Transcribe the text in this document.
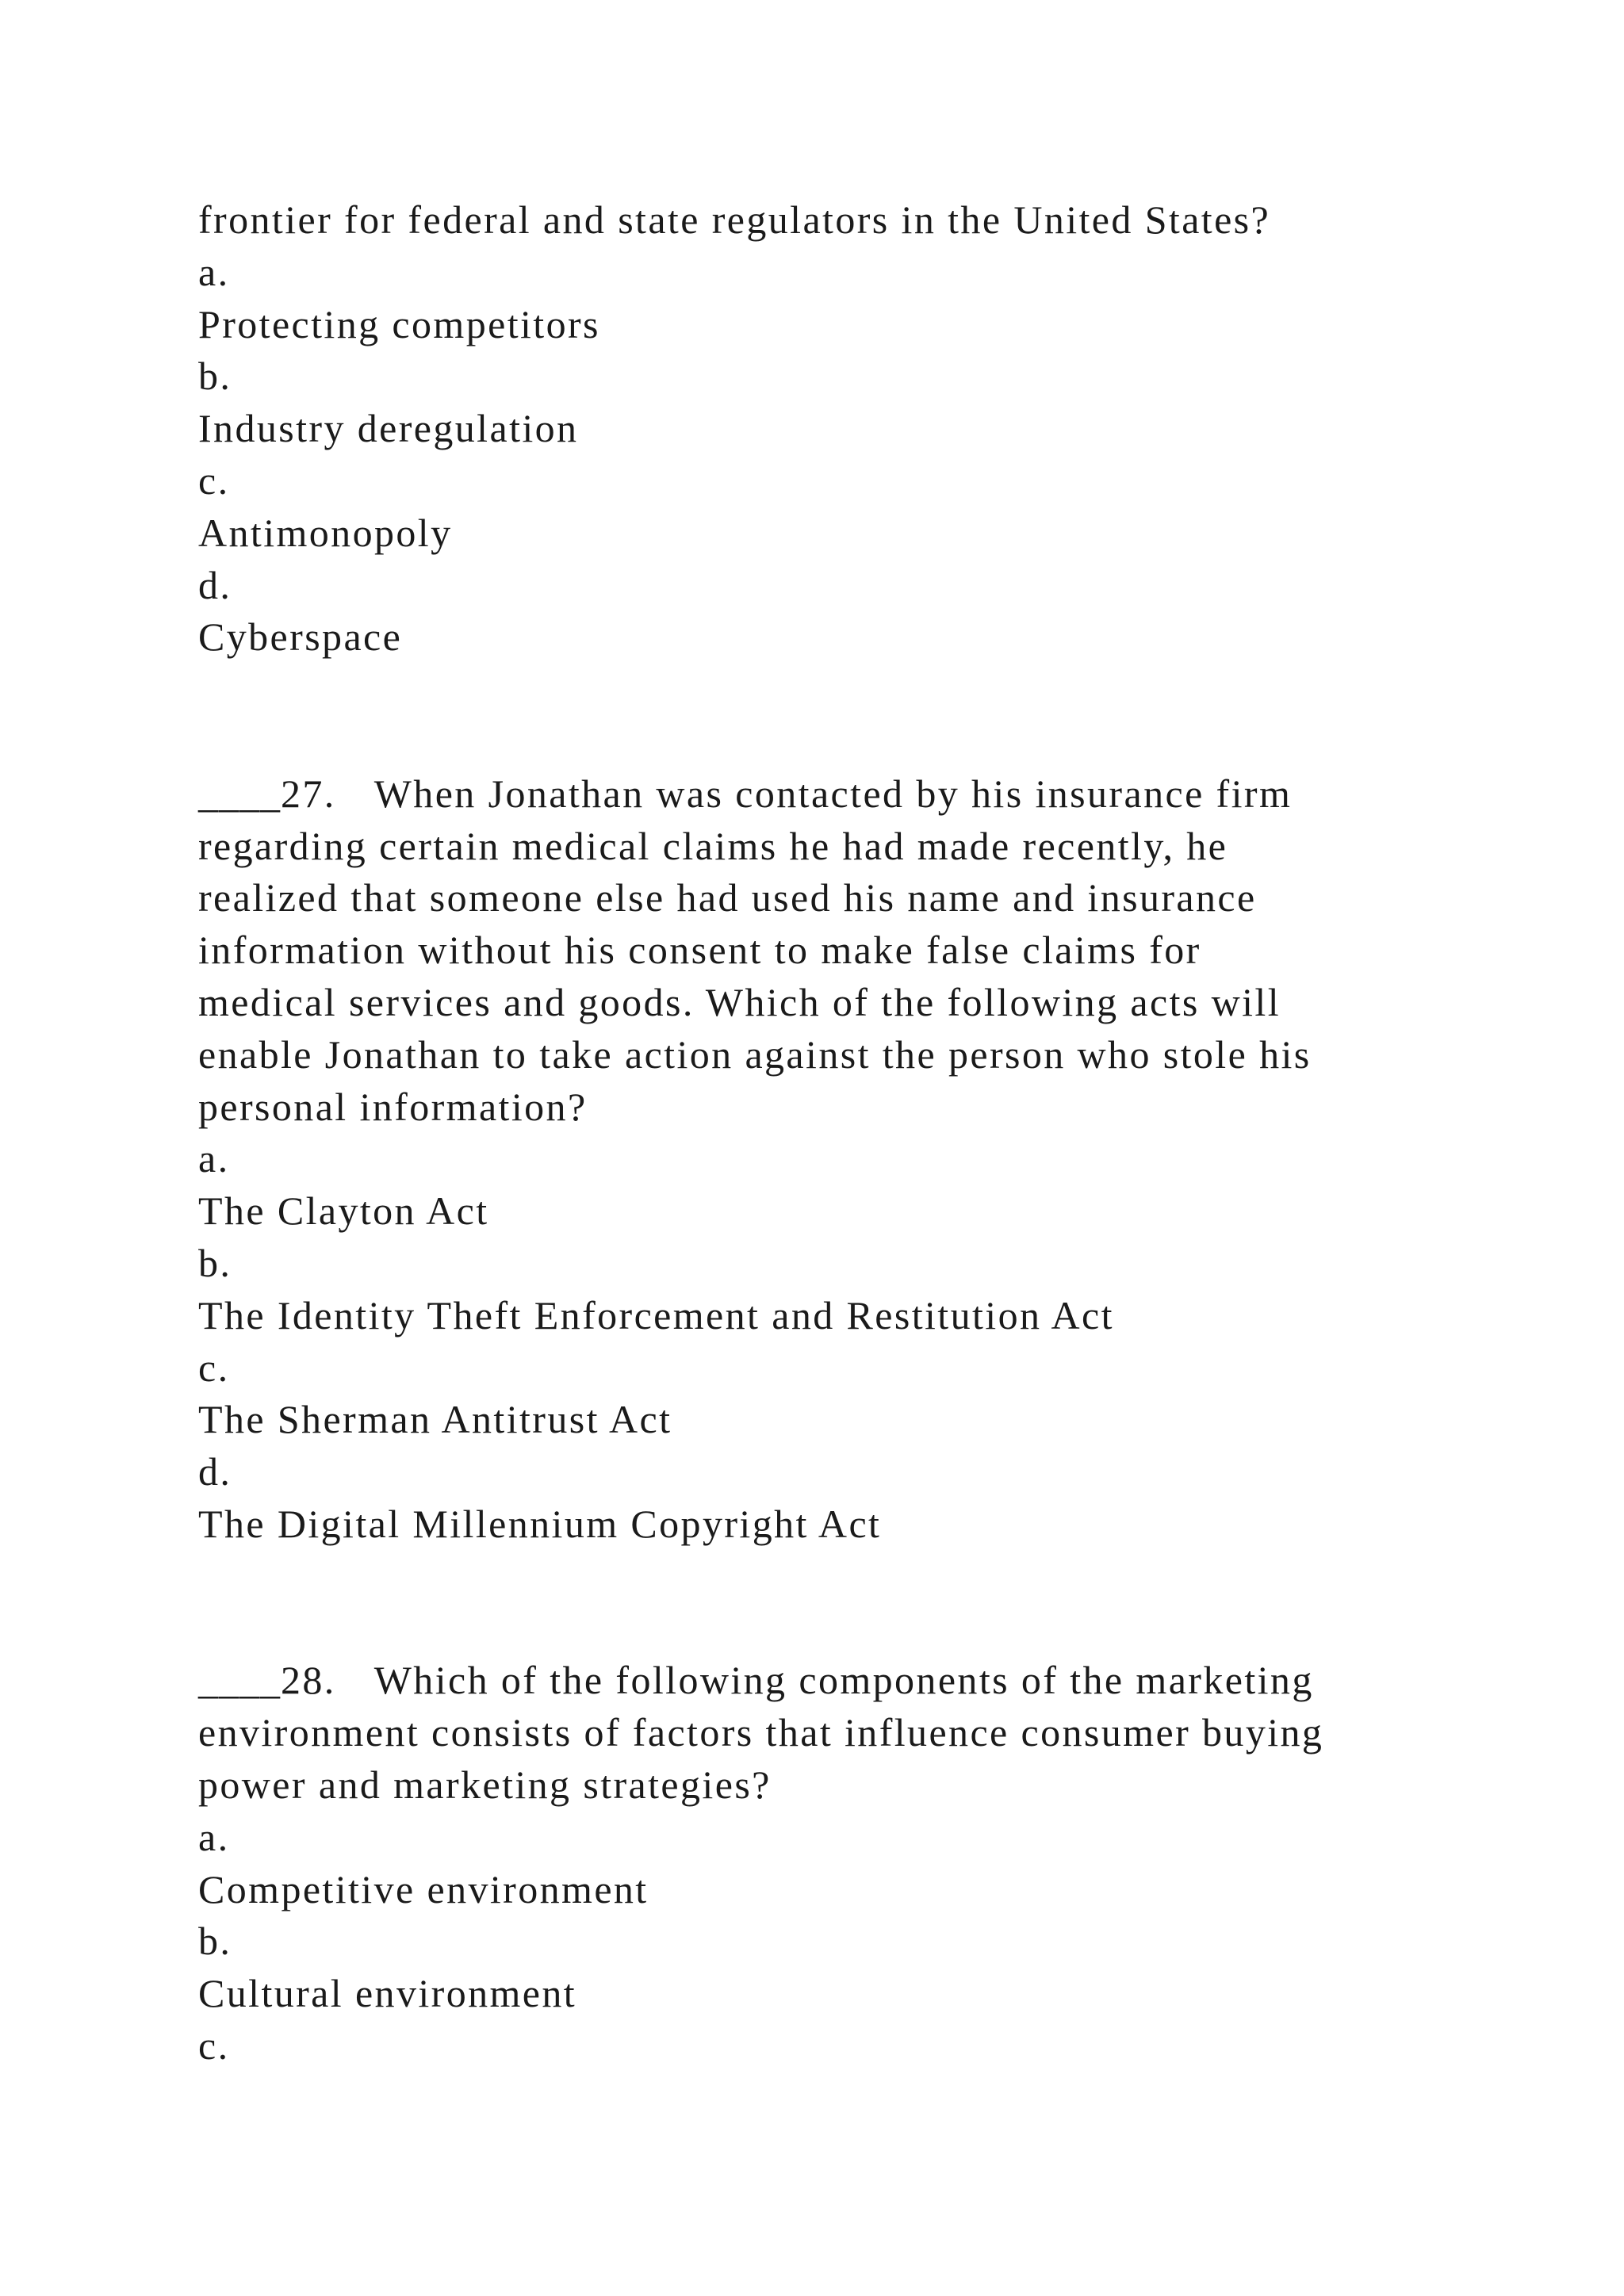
frontier for federal and state regulators in the United States?
a.
Protecting competitors
b.
Industry deregulation
c.
Antimonopoly
d.
Cyberspace
____27. When Jonathan was contacted by his insurance firm
regarding certain medical claims he had made recently, he
realized that someone else had used his name and insurance
information without his consent to make false claims for
medical services and goods. Which of the following acts will
enable Jonathan to take action against the person who stole his
personal information?
a.
The Clayton Act
b.
The Identity Theft Enforcement and Restitution Act
c.
The Sherman Antitrust Act
d.
The Digital Millennium Copyright Act
____28. Which of the following components of the marketing
environment consists of factors that influence consumer buying
power and marketing strategies?
a.
Competitive environment
b.
Cultural environment
c.
